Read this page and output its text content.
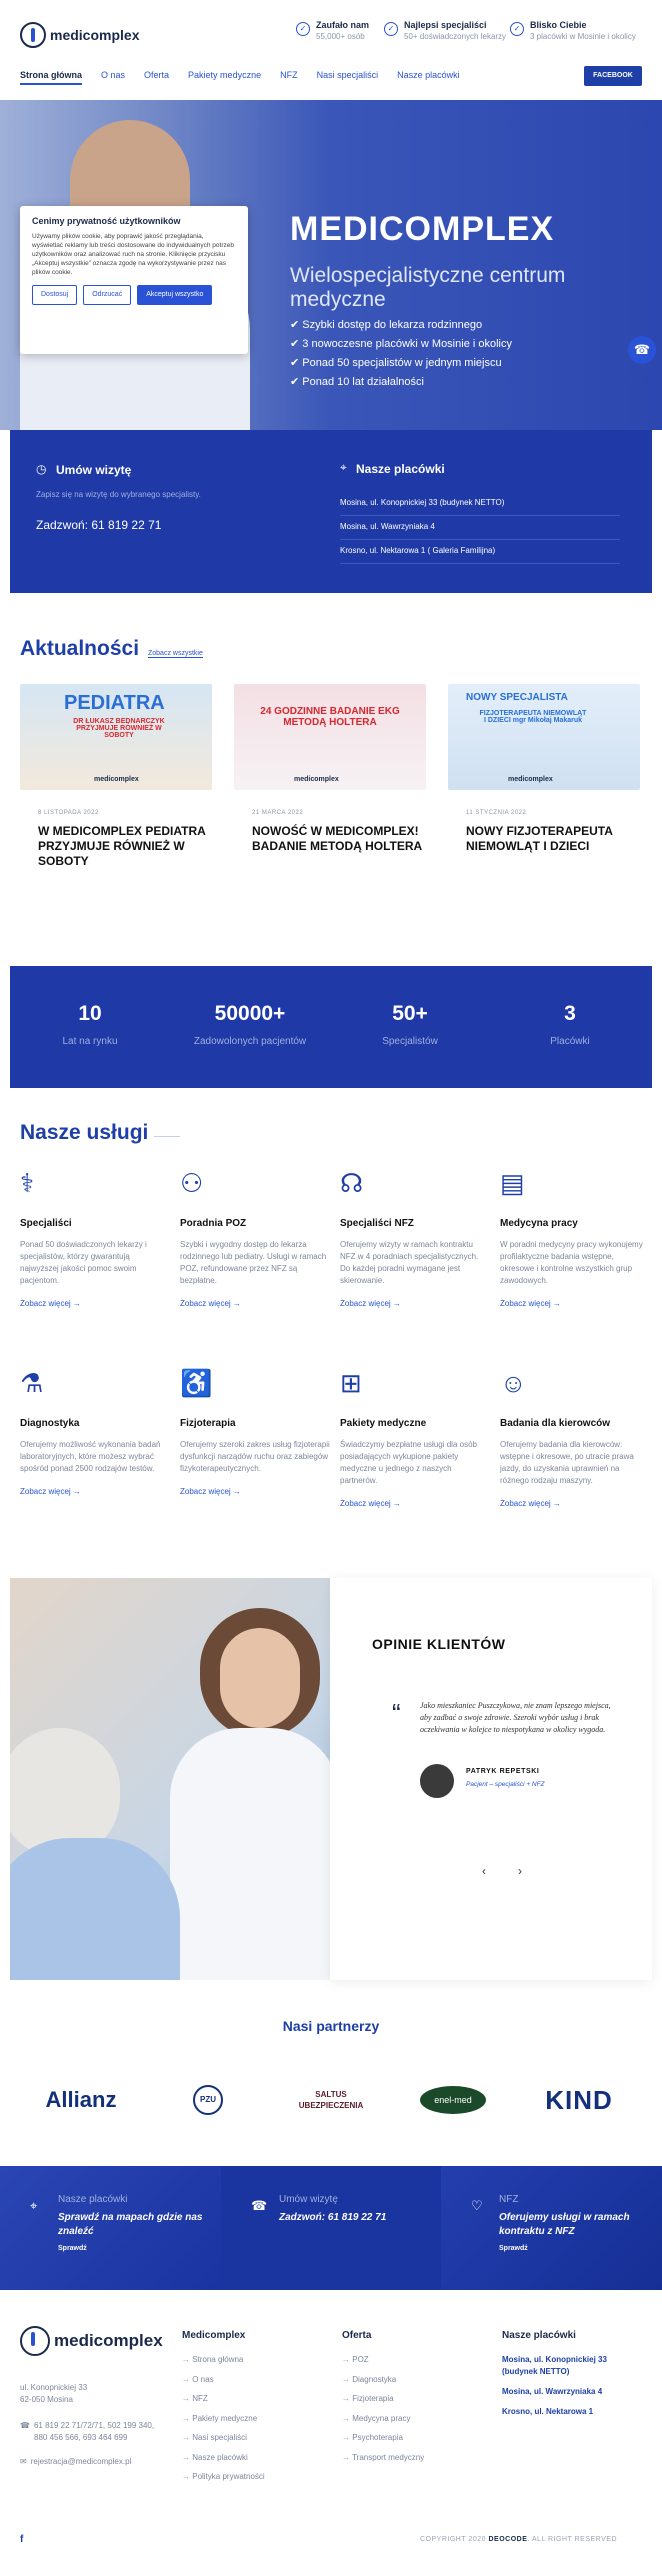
medicomplex	✓	Zaufało nam
55,000+ osób
✓	Najlepsi specjaliści
50+ doświadczonych lekarzy
✓	Blisko Ciebie
3 placówki w Mosinie i okolicy
Strona główna O nas Oferta Pakiety medyczne NFZ Nasi specjaliści Nasze placówki	FACEBOOK
MEDICOMPLEX
Wielospecjalistyczne centrum medyczne
✔ Szybki dostęp do lekarza rodzinnego
✔ 3 nowoczesne placówki w Mosinie i okolicy
✔ Ponad 50 specjalistów w jednym miejscu
✔ Ponad 10 lat działalności
☎
Cenimy prywatność użytkowników

Używamy plików cookie, aby poprawić jakość przeglądania, wyświetlać reklamy lub treści dostosowane do indywidualnych potrzeb użytkowników oraz analizować ruch na stronie. Kliknięcie przycisku „Akceptuj wszystkie” oznacza zgodę na wykorzystywanie przez nas plików cookie.

Dostosuj	Odrzucać	Akceptuj wszystko
◷ Umów wizytę
Zapisz się na wizytę do wybranego specjalisty.
Zadzwoń: 61 819 22 71
⌖ Nasze placówki
Mosina, ul. Konopnickiej 33 (budynek NETTO)
Mosina, ul. Wawrzyniaka 4
Krosno, ul. Nektarowa 1 ( Galeria Familijna)
Aktualności Zobacz wszystkie
PEDIATRA
DR ŁUKASZ BEDNARCZYK PRZYJMUJE RÓWNIEŻ W SOBOTY
medicomplex
24 GODZINNE BADANIE EKG METODĄ HOLTERA
medicomplex
NOWY SPECJALISTA
FIZJOTERAPEUTA NIEMOWLĄT I DZIECI mgr Mikołaj Makaruk
medicomplex
8 LISTOPADA 2022
W MEDICOMPLEX PEDIATRA PRZYJMUJE RÓWNIEŻ W SOBOTY
21 MARCA 2022
NOWOŚĆ W MEDICOMPLEX! BADANIE METODĄ HOLTERA
11 STYCZNIA 2022
NOWY FIZJOTERAPEUTA NIEMOWLĄT I DZIECI
10
Lat na rynku
50000+
Zadowolonych pacjentów
50+
Specjalistów
3
Placówki
Nasze usługi
⚕
Specjaliści
Ponad 50 doświadczonych lekarzy i specjalistów, którzy gwarantują najwyższej jakości pomoc swoim pacjentom.
Zobacz więcej →
⚇
Poradnia POZ
Szybki i wygodny dostęp do lekarza rodzinnego lub pediatry. Usługi w ramach POZ, refundowane przez NFZ są bezpłatne.
Zobacz więcej →
☊
Specjaliści NFZ
Oferujemy wizyty w ramach kontraktu NFZ w 4 poradniach specjalistycznych. Do każdej poradni wymagane jest skierowanie.
Zobacz więcej →
▤
Medycyna pracy
W poradni medycyny pracy wykonujemy profilaktyczne badania wstępne, okresowe i kontrolne wszystkich grup zawodowych.
Zobacz więcej →
⚗
Diagnostyka
Oferujemy możliwość wykonania badań laboratoryjnych, które możesz wybrać spośród ponad 2500 rodzajów testów.
Zobacz więcej →
♿
Fizjoterapia
Oferujemy szeroki zakres usług fizjoterapii dysfunkcji narządów ruchu oraz zabiegów fizykoterapeutycznych.
Zobacz więcej →
⊞
Pakiety medyczne
Świadczymy bezpłatne usługi dla osób posiadających wykupione pakiety medyczne u jednego z naszych partnerów.
Zobacz więcej →
☺
Badania dla kierowców
Oferujemy badania dla kierowców: wstępne i okresowe, po utracie prawa jazdy, do uzyskania uprawnień na różnego rodzaju maszyny.
Zobacz więcej →
OPINIE KLIENTÓW
“ Jako mieszkaniec Puszczykowa, nie znam lepszego miejsca, aby zadbać o swoje zdrowie. Szeroki wybór usług i brak oczekiwania w kolejce to niespotykana w okolicy wygoda.
PATRYK REPETSKI
Pacjent – specjaliści + NFZ
‹	›
Nasi partnerzy
Allianz	PZU
SALTUS UBEZPIECZENIA
enel-med	KIND
⌖ Nasze placówki
Sprawdź na mapach gdzie nas znaleźć
Sprawdź
☎ Umów wizytę
Zadzwoń: 61 819 22 71
♡ NFZ
Oferujemy usługi w ramach kontraktu z NFZ
Sprawdź
medicomplex
ul. Konopnickiej 33
62-050 Mosina
☎ 61 819 22 71/72/71, 502 199 340,
880 456 566, 693 464 699
✉ rejestracja@medicomplex.pl
Medicomplex
→ Strona główna
→ O nas
→ NFZ
→ Pakiety medyczne
→ Nasi specjaliści
→ Nasze placówki
→ Polityka prywatności
Oferta
→ POZ
→ Diagnostyka
→ Fizjoterapia
→ Medycyna pracy
→ Psychoterapia
→ Transport medyczny
Nasze placówki
Mosina, ul. Konopnickiej 33 (budynek NETTO)
Mosina, ul. Wawrzyniaka 4
Krosno, ul. Nektarowa 1
f	COPYRIGHT 2020 DEOCODE. ALL RIGHT RESERVED
